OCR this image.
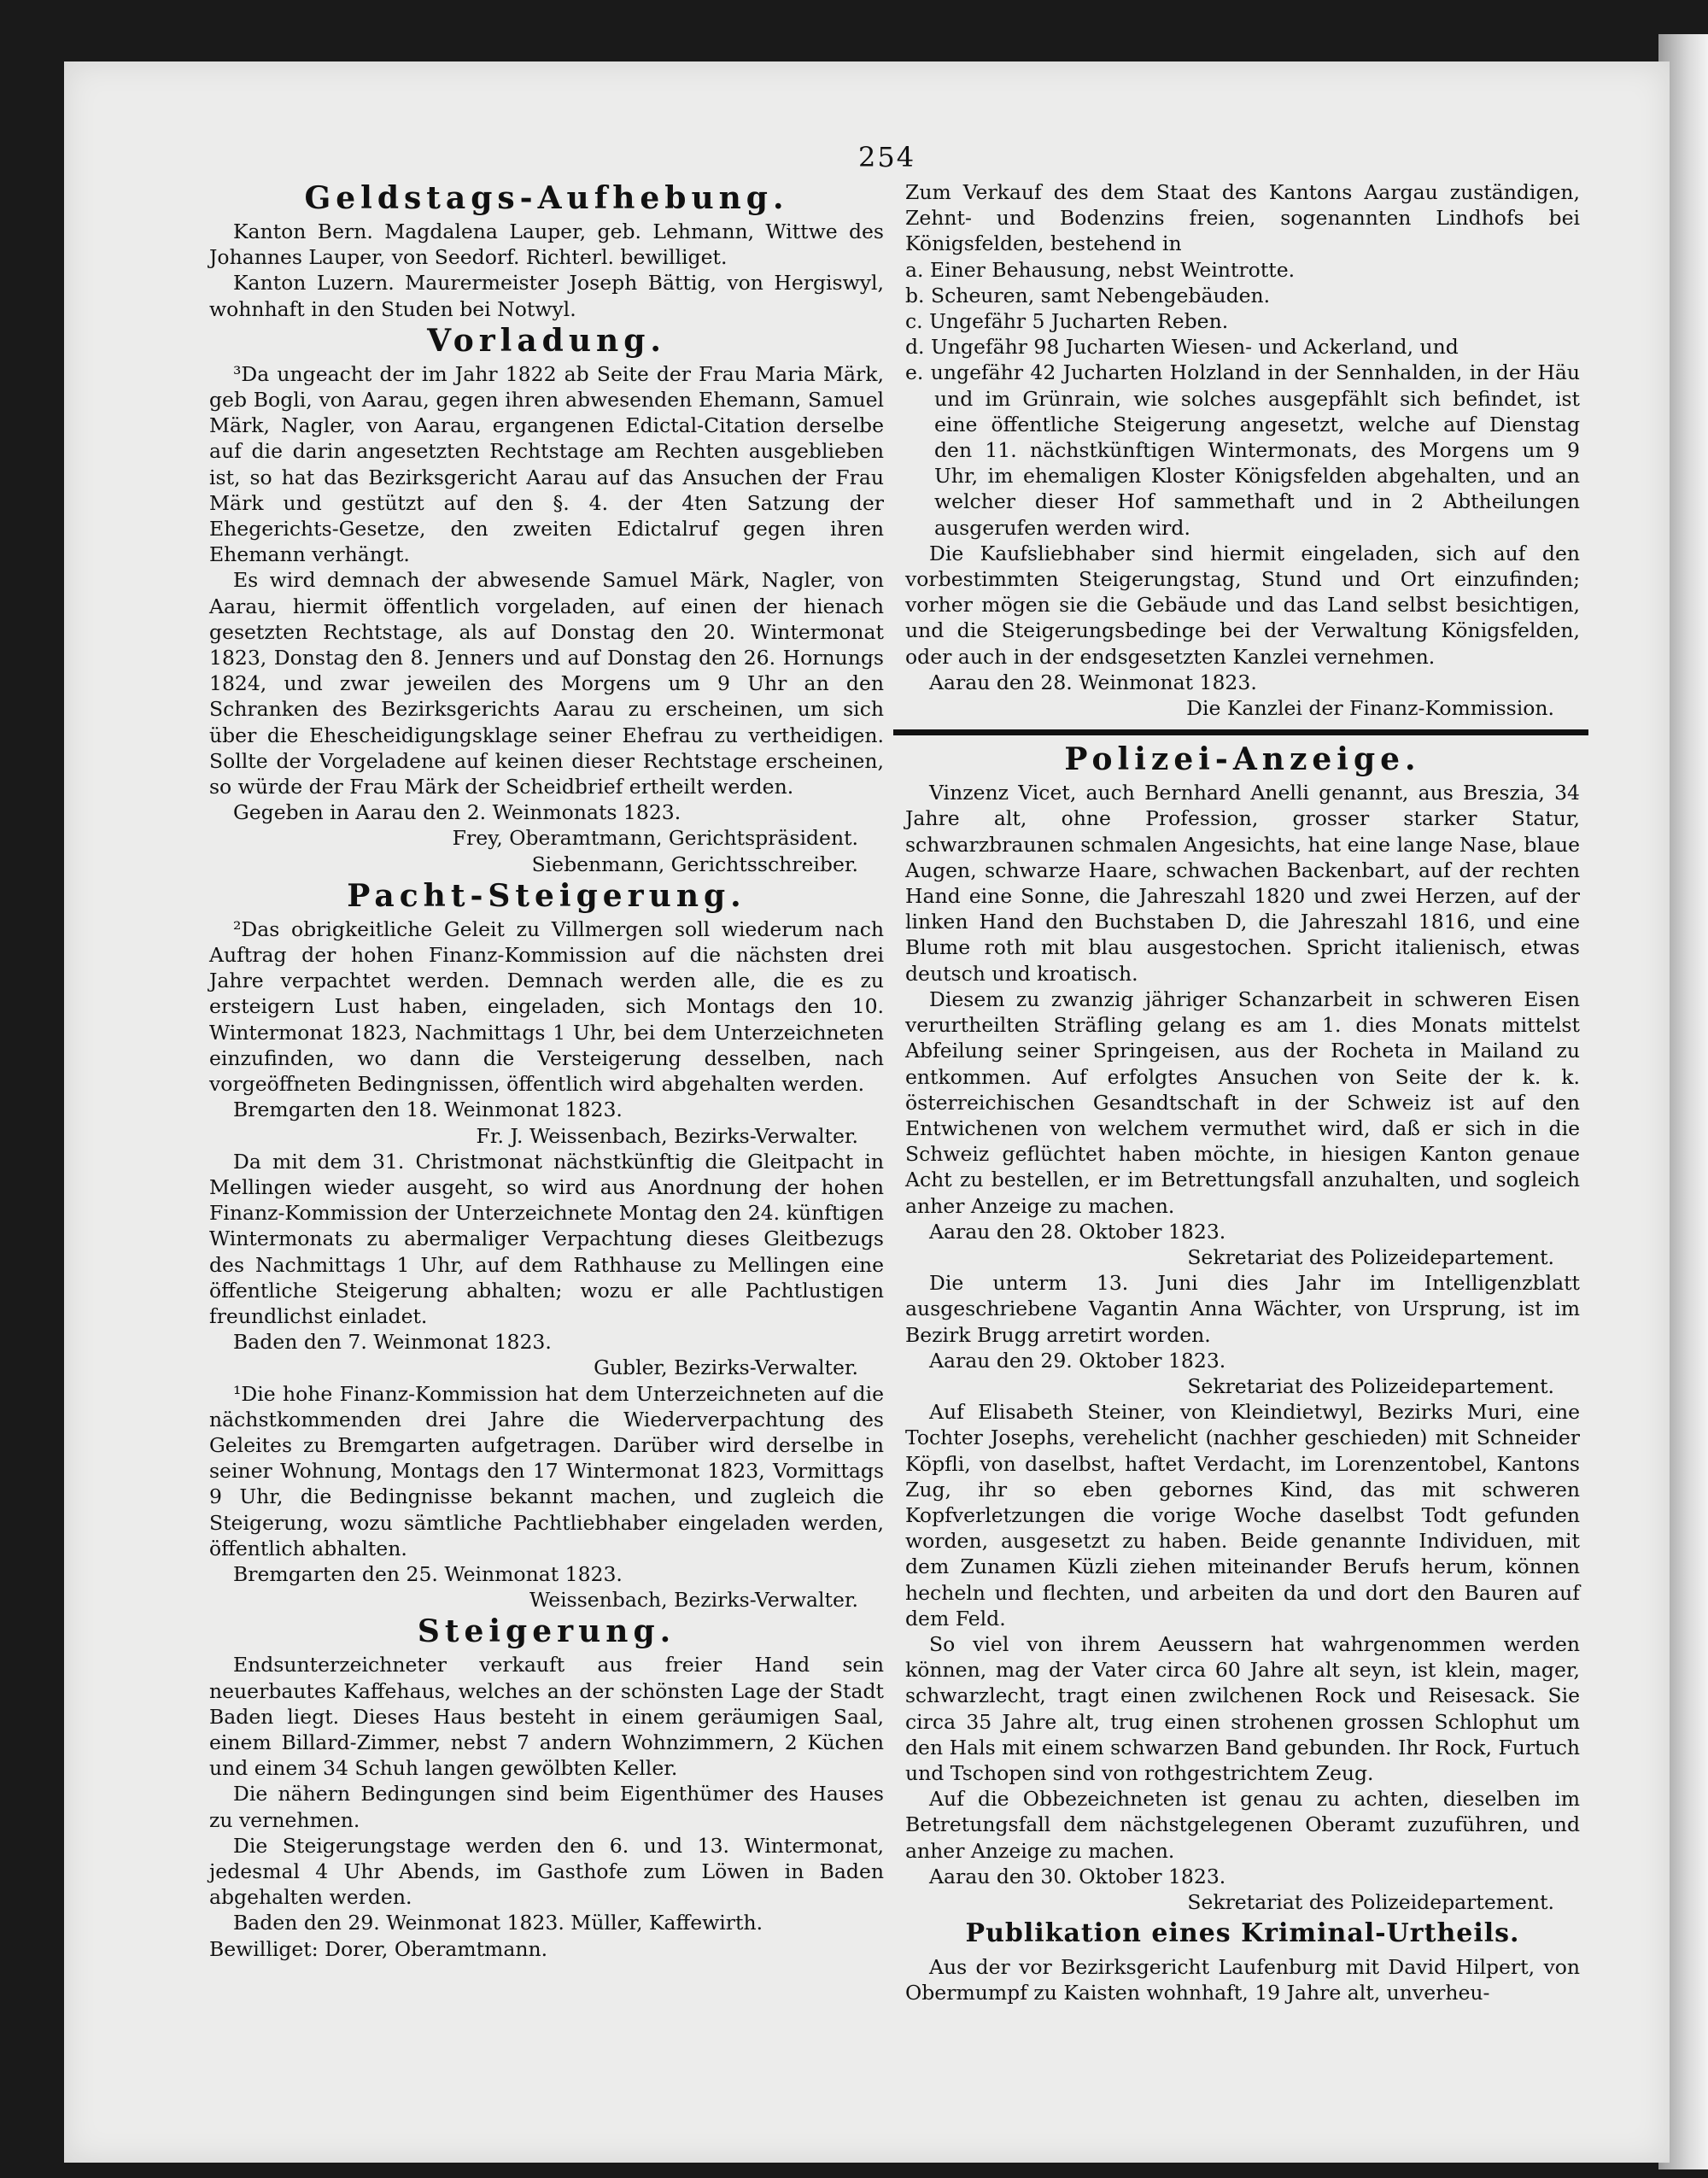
254
Geldstags-Aufhebung.

Kanton Bern. Magdalena Lauper, geb. Lehmann, Wittwe des Johannes Lauper, von Seedorf. Richterl. bewilliget.

Kanton Luzern. Maurermeister Joseph Bättig, von Hergiswyl, wohnhaft in den Studen bei Notwyl.

Vorladung.

³Da ungeacht der im Jahr 1822 ab Seite der Frau Maria Märk, geb Bogli, von Aarau, gegen ihren abwesenden Ehemann, Samuel Märk, Nagler, von Aarau, ergangenen Edictal-Citation derselbe auf die darin angesetzten Rechtstage am Rechten ausgeblieben ist, so hat das Bezirksgericht Aarau auf das Ansuchen der Frau Märk und gestützt auf den §. 4. der 4ten Satzung der Ehegerichts-Gesetze, den zweiten Edictalruf gegen ihren Ehemann verhängt.

Es wird demnach der abwesende Samuel Märk, Nagler, von Aarau, hiermit öffentlich vorgeladen, auf einen der hienach gesetzten Rechtstage, als auf Donstag den 20. Wintermonat 1823, Donstag den 8. Jenners und auf Donstag den 26. Hornungs 1824, und zwar jeweilen des Morgens um 9 Uhr an den Schranken des Bezirksgerichts Aarau zu erscheinen, um sich über die Ehescheidigungsklage seiner Ehefrau zu vertheidigen. Sollte der Vorgeladene auf keinen dieser Rechtstage erscheinen, so würde der Frau Märk der Scheidbrief ertheilt werden.

Gegeben in Aarau den 2. Weinmonats 1823.

Frey, Oberamtmann, Gerichtspräsident.

Siebenmann, Gerichtsschreiber.

Pacht-Steigerung.

²Das obrigkeitliche Geleit zu Villmergen soll wiederum nach Auftrag der hohen Finanz-Kommission auf die nächsten drei Jahre verpachtet werden. Demnach werden alle, die es zu ersteigern Lust haben, eingeladen, sich Montags den 10. Wintermonat 1823, Nachmittags 1 Uhr, bei dem Unterzeichneten einzufinden, wo dann die Versteigerung desselben, nach vorgeöffneten Bedingnissen, öffentlich wird abgehalten werden.

Bremgarten den 18. Weinmonat 1823.

Fr. J. Weissenbach, Bezirks-Verwalter.

Da mit dem 31. Christmonat nächstkünftig die Gleitpacht in Mellingen wieder ausgeht, so wird aus Anordnung der hohen Finanz-Kommission der Unterzeichnete Montag den 24. künftigen Wintermonats zu abermaliger Verpachtung dieses Gleitbezugs des Nachmittags 1 Uhr, auf dem Rathhause zu Mellingen eine öffentliche Steigerung abhalten; wozu er alle Pachtlustigen freundlichst einladet.

Baden den 7. Weinmonat 1823.

Gubler, Bezirks-Verwalter.

¹Die hohe Finanz-Kommission hat dem Unterzeichneten auf die nächstkommenden drei Jahre die Wiederverpachtung des Geleites zu Bremgarten aufgetragen. Darüber wird derselbe in seiner Wohnung, Montags den 17 Wintermonat 1823, Vormittags 9 Uhr, die Bedingnisse bekannt machen, und zugleich die Steigerung, wozu sämtliche Pachtliebhaber eingeladen werden, öffentlich abhalten.

Bremgarten den 25. Weinmonat 1823.

Weissenbach, Bezirks-Verwalter.

Steigerung.

Endsunterzeichneter verkauft aus freier Hand sein neuerbautes Kaffehaus, welches an der schönsten Lage der Stadt Baden liegt. Dieses Haus besteht in einem geräumigen Saal, einem Billard-Zimmer, nebst 7 andern Wohnzimmern, 2 Küchen und einem 34 Schuh langen gewölbten Keller.

Die nähern Bedingungen sind beim Eigenthümer des Hauses zu vernehmen.

Die Steigerungstage werden den 6. und 13. Wintermonat, jedesmal 4 Uhr Abends, im Gasthofe zum Löwen in Baden abgehalten werden.

Baden den 29. Weinmonat 1823. Müller, Kaffewirth.

Bewilliget: Dorer, Oberamtmann.

Zum Verkauf des dem Staat des Kantons Aargau zuständigen, Zehnt- und Bodenzins freien, sogenannten Lindhofs bei Königsfelden, bestehend in

a. Einer Behausung, nebst Weintrotte.
b. Scheuren, samt Nebengebäuden.
c. Ungefähr 5 Jucharten Reben.
d. Ungefähr 98 Jucharten Wiesen- und Ackerland, und
e. ungefähr 42 Jucharten Holzland in der Sennhalden, in der Häu und im Grünrain, wie solches ausgepfählt sich befindet, ist eine öffentliche Steigerung angesetzt, welche auf Dienstag den 11. nächstkünftigen Wintermonats, des Morgens um 9 Uhr, im ehemaligen Kloster Königsfelden abgehalten, und an welcher dieser Hof sammethaft und in 2 Abtheilungen ausgerufen werden wird.

Die Kaufsliebhaber sind hiermit eingeladen, sich auf den vorbestimmten Steigerungstag, Stund und Ort einzufinden; vorher mögen sie die Gebäude und das Land selbst besichtigen, und die Steigerungsbedinge bei der Verwaltung Königsfelden, oder auch in der endsgesetzten Kanzlei vernehmen.

Aarau den 28. Weinmonat 1823.

Die Kanzlei der Finanz-Kommission.

Polizei-Anzeige.

Vinzenz Vicet, auch Bernhard Anelli genannt, aus Breszia, 34 Jahre alt, ohne Profession, grosser starker Statur, schwarzbraunen schmalen Angesichts, hat eine lange Nase, blaue Augen, schwarze Haare, schwachen Backenbart, auf der rechten Hand eine Sonne, die Jahreszahl 1820 und zwei Herzen, auf der linken Hand den Buchstaben D, die Jahreszahl 1816, und eine Blume roth mit blau ausgestochen. Spricht italienisch, etwas deutsch und kroatisch.

Diesem zu zwanzig jähriger Schanzarbeit in schweren Eisen verurtheilten Sträfling gelang es am 1. dies Monats mittelst Abfeilung seiner Springeisen, aus der Rocheta in Mailand zu entkommen. Auf erfolgtes Ansuchen von Seite der k. k. österreichischen Gesandtschaft in der Schweiz ist auf den Entwichenen von welchem vermuthet wird, daß er sich in die Schweiz geflüchtet haben möchte, in hiesigen Kanton genaue Acht zu bestellen, er im Betrettungsfall anzuhalten, und sogleich anher Anzeige zu machen.

Aarau den 28. Oktober 1823.

Sekretariat des Polizeidepartement.

Die unterm 13. Juni dies Jahr im Intelligenzblatt ausgeschriebene Vagantin Anna Wächter, von Ursprung, ist im Bezirk Brugg arretirt worden.

Aarau den 29. Oktober 1823.

Sekretariat des Polizeidepartement.

Auf Elisabeth Steiner, von Kleindietwyl, Bezirks Muri, eine Tochter Josephs, verehelicht (nachher geschieden) mit Schneider Köpfli, von daselbst, haftet Verdacht, im Lorenzentobel, Kantons Zug, ihr so eben gebornes Kind, das mit schweren Kopfverletzungen die vorige Woche daselbst Todt gefunden worden, ausgesetzt zu haben. Beide genannte Individuen, mit dem Zunamen Küzli ziehen miteinander Berufs herum, können hecheln und flechten, und arbeiten da und dort den Bauren auf dem Feld.

So viel von ihrem Aeussern hat wahrgenommen werden können, mag der Vater circa 60 Jahre alt seyn, ist klein, mager, schwarzlecht, tragt einen zwilchenen Rock und Reisesack. Sie circa 35 Jahre alt, trug einen strohenen grossen Schlophut um den Hals mit einem schwarzen Band gebunden. Ihr Rock, Furtuch und Tschopen sind von rothgestrichtem Zeug.

Auf die Obbezeichneten ist genau zu achten, dieselben im Betretungsfall dem nächstgelegenen Oberamt zuzuführen, und anher Anzeige zu machen.

Aarau den 30. Oktober 1823.

Sekretariat des Polizeidepartement.

Publikation eines Kriminal-Urtheils.

Aus der vor Bezirksgericht Laufenburg mit David Hilpert, von Obermumpf zu Kaisten wohnhaft, 19 Jahre alt, unverheu-
